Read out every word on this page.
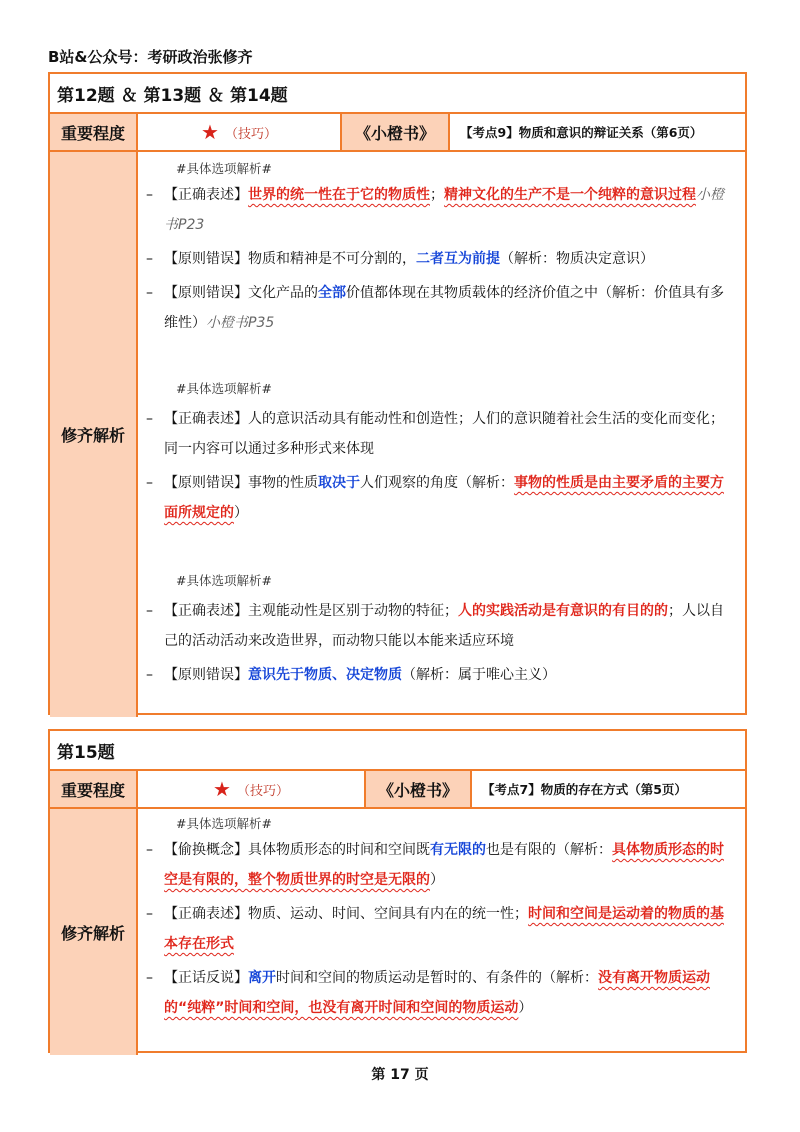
B站&公众号：考研政治张修齐
第12题 ＆ 第13题 ＆ 第14题
重要程度	★ （技巧）	《小橙书》	【考点9】物质和意识的辩证关系（第6页）
修齐解析
#具体选项解析#
– 【正确表述】世界的统一性在于它的物质性；精神文化的生产不是一个纯粹的意识过程小橙书P23
– 【原则错误】物质和精神是不可分割的，二者互为前提（解析：物质决定意识）
– 【原则错误】文化产品的全部价值都体现在其物质载体的经济价值之中（解析：价值具有多维性）小橙书P35
#具体选项解析#
– 【正确表述】人的意识活动具有能动性和创造性；人们的意识随着社会生活的变化而变化；同一内容可以通过多种形式来体现
– 【原则错误】事物的性质取决于人们观察的角度（解析：事物的性质是由主要矛盾的主要方面所规定的）
#具体选项解析#
– 【正确表述】主观能动性是区别于动物的特征；人的实践活动是有意识的有目的的；人以自己的活动活动来改造世界，而动物只能以本能来适应环境
– 【原则错误】意识先于物质、决定物质（解析：属于唯心主义）
第15题
重要程度	★ （技巧）	《小橙书》	【考点7】物质的存在方式（第5页）
修齐解析
#具体选项解析#
– 【偷换概念】具体物质形态的时间和空间既有无限的也是有限的（解析：具体物质形态的时空是有限的，整个物质世界的时空是无限的）
– 【正确表述】物质、运动、时间、空间具有内在的统一性；时间和空间是运动着的物质的基本存在形式
– 【正话反说】离开时间和空间的物质运动是暂时的、有条件的（解析：没有离开物质运动的“纯粹”时间和空间，也没有离开时间和空间的物质运动）
第 17 页
